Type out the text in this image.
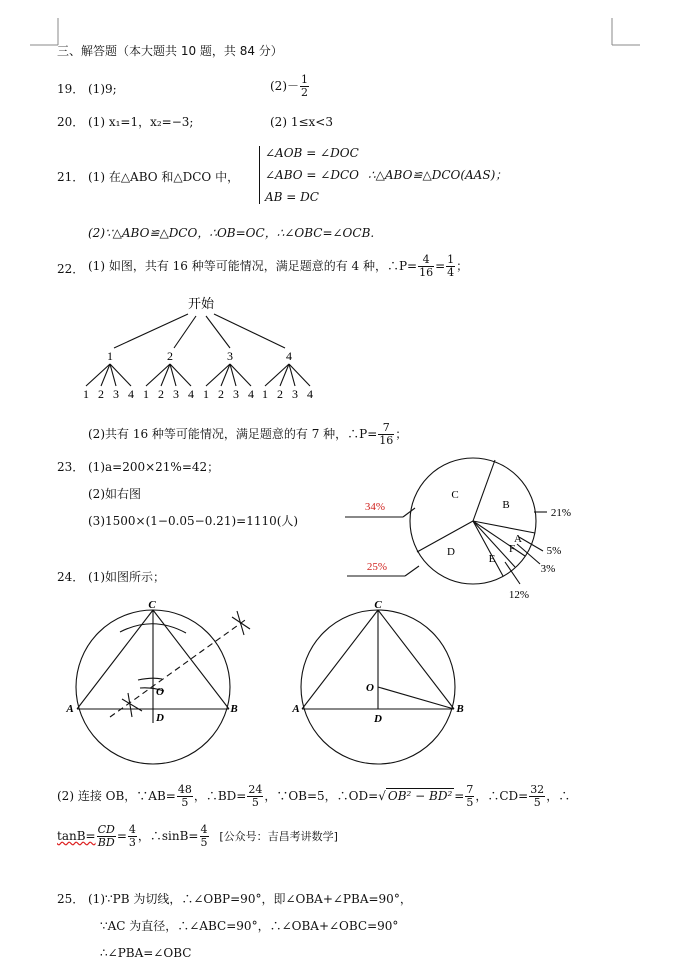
三、解答题（本大题共 10 题，共 84 分）
19． (1)9;	$(2)- \frac{1}{2}$
20． (1) x₁=1，x₂=−3;	(2) 1≤x<3
21． (1) 在△ABO 和△DCO 中，
∠AOB = ∠DOC
∠ABO = ∠DCO
AB = DC
∴△ABO≌△DCO(AAS)；
(2)∵△ABO≌△DCO，∴OB=OC，∴∠OBC=∠OCB.
22． (1) 如图，共有 16 种等可能情况，满足题意的有 4 种，∴P= $\frac{4}{16} = \frac{1}{4}$ ；
开始
1	2	3	4
1 2 3 4 1 2 3 4 1 2 3 4 1 2 3 4
(2)共有 16 种等可能情况，满足题意的有 7 种，∴P= $\frac{7}{16}$ ；
23． (1)a=200×21%=42；
(2)如右图
(3)1500×(1−0.05−0.21)=1110(人)
C
B
D
E
A
F
34%
25%
21%
5%
3%
12%
24． (1)如图所示；
C
A	B
D
O
C
A	B
D
O
(2) 连接 OB，∵AB= $\frac{48}{5}$ ，∴BD= $\frac{24}{5}$ ，∵OB=5，∴OD=√ $OB^2 - BD^2 = \frac{7}{5}$ ，∴CD= $\frac{32}{5}$ ，∴
$\tan B= \frac{CD}{BD} = \frac{4}{3}$ ，∴sinB= $\frac{4}{5}$ [公众号：吉昌考讲数学]
25． (1)∵PB 为切线，∴∠OBP=90°，即∠OBA+∠PBA=90°，
∵AC 为直径，∴∠ABC=90°，∴∠OBA+∠OBC=90°
∴∠PBA=∠OBC
